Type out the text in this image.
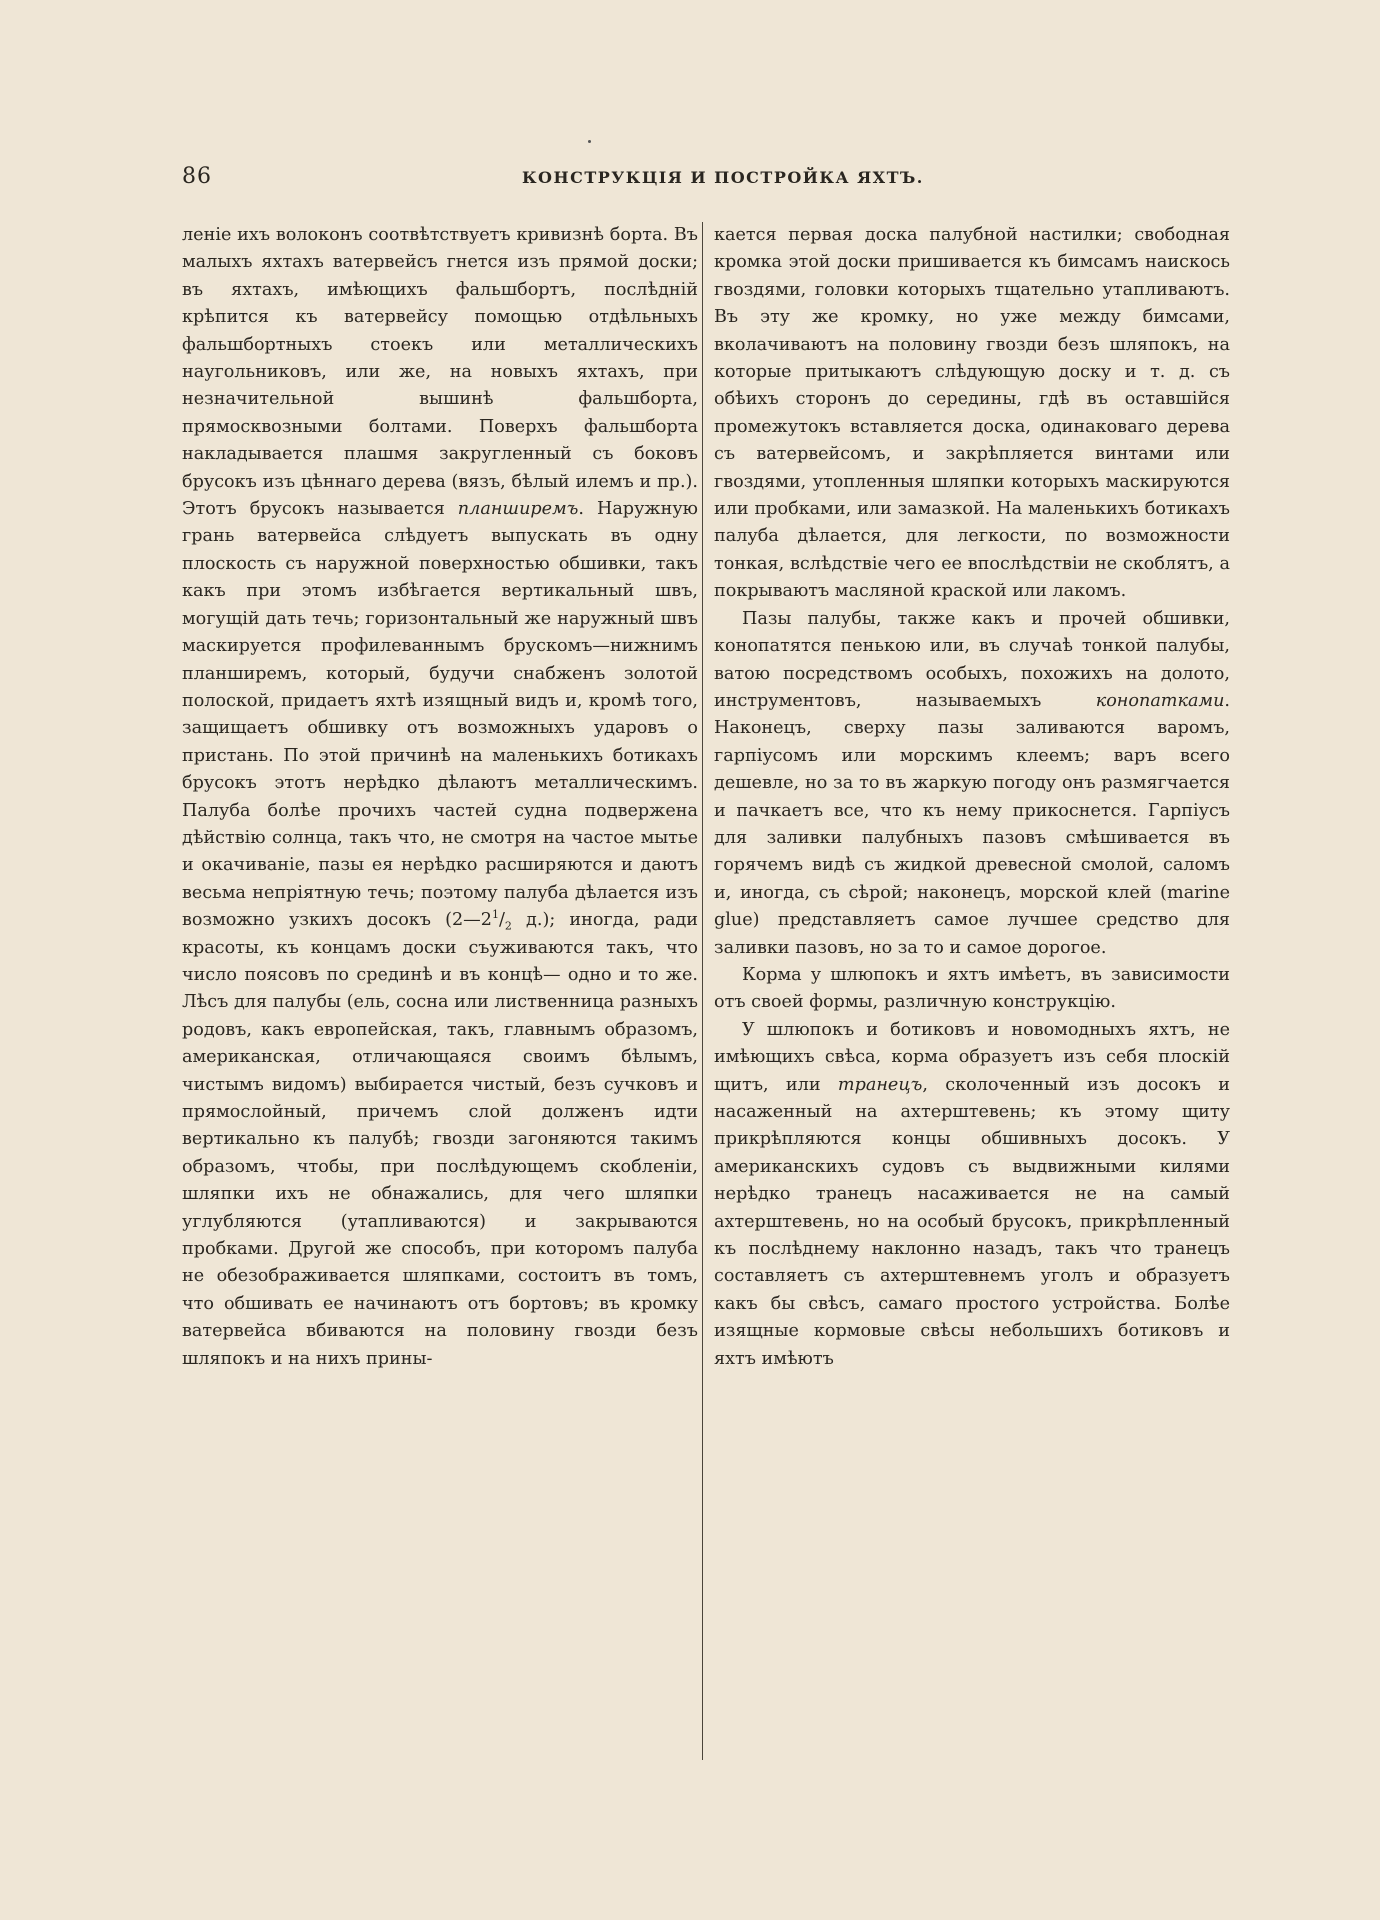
86	КОНСТРУКЦІЯ И ПОСТРОЙКА ЯХТЪ.

леніе ихъ волоконъ соотвѣтствуетъ кривизнѣ борта. Въ малыхъ яхтахъ ватервейсъ гнется изъ прямой доски; въ яхтахъ, имѣющихъ фальшбортъ, послѣдній крѣпится къ ватервейсу помощью отдѣльныхъ фальшбортныхъ стоекъ или металлическихъ наугольниковъ, или же, на новыхъ яхтахъ, при незначительной вышинѣ фальшборта, прямосквозными болтами. Поверхъ фальшборта накладывается плашмя закругленный съ боковъ брусокъ изъ цѣннаго дерева (вязъ, бѣлый илемъ и пр.). Этотъ брусокъ называется планширемъ. Наружную грань ватервейса слѣдуетъ выпускать въ одну плоскость съ наружной поверхностью обшивки, такъ какъ при этомъ избѣгается вертикальный швъ, могущій дать течь; горизонтальный же наружный швъ маскируется профилеваннымъ брускомъ—нижнимъ планширемъ, который, будучи снабженъ золотой полоской, придаетъ яхтѣ изящный видъ и, кромѣ того, защищаетъ обшивку отъ возможныхъ ударовъ о пристань. По этой причинѣ на маленькихъ ботикахъ брусокъ этотъ нерѣдко дѣлаютъ металлическимъ. Палуба болѣе прочихъ частей судна подвержена дѣйствію солнца, такъ что, не смотря на частое мытье и окачиваніе, пазы ея нерѣдко расширяются и даютъ весьма непріятную течь; поэтому палуба дѣлается изъ возможно узкихъ досокъ ($2—2^1/_2$ д.); иногда, ради красоты, къ концамъ доски съуживаются такъ, что число поясовъ по срединѣ и въ концѣ— одно и то же. Лѣсъ для палубы (ель, сосна или лиственница разныхъ родовъ, какъ европейская, такъ, главнымъ образомъ, американская, отличающаяся своимъ бѣлымъ, чистымъ видомъ) выбирается чистый, безъ сучковъ и прямослойный, причемъ слой долженъ идти вертикально къ палубѣ; гвозди загоняются такимъ образомъ, чтобы, при послѣдующемъ скобленіи, шляпки ихъ не обнажались, для чего шляпки углубляются (утапливаются) и закрываются пробками. Другой же способъ, при которомъ палуба не обезображивается шляпками, состоитъ въ томъ, что обшивать ее начинаютъ отъ бортовъ; въ кромку ватервейса вбиваются на половину гвозди безъ шляпокъ и на нихъ прины-

кается первая доска палубной настилки; свободная кромка этой доски пришивается къ бимсамъ наискось гвоздями, головки которыхъ тщательно утапливаютъ. Въ эту же кромку, но уже между бимсами, вколачиваютъ на половину гвозди безъ шляпокъ, на которые притыкаютъ слѣдующую доску и т. д. съ обѣихъ сторонъ до середины, гдѣ въ оставшійся промежутокъ вставляется доска, одинаковаго дерева съ ватервейсомъ, и закрѣпляется винтами или гвоздями, утопленныя шляпки которыхъ маскируются или пробками, или замазкой. На маленькихъ ботикахъ палуба дѣлается, для легкости, по возможности тонкая, вслѣдствіе чего ее впослѣдствіи не скоблятъ, а покрываютъ масляной краской или лакомъ.

Пазы палубы, также какъ и прочей обшивки, конопатятся пенькою или, въ случаѣ тонкой палубы, ватою посредствомъ особыхъ, похожихъ на долото, инструментовъ, называемыхъ конопатками. Наконецъ, сверху пазы заливаются варомъ, гарпіусомъ или морскимъ клеемъ; варъ всего дешевле, но за то въ жаркую погоду онъ размягчается и пачкаетъ все, что къ нему прикоснется. Гарпіусъ для заливки палубныхъ пазовъ смѣшивается въ горячемъ видѣ съ жидкой древесной смолой, саломъ и, иногда, съ сѣрой; наконецъ, морской клей (marine glue) представляетъ самое лучшее средство для заливки пазовъ, но за то и самое дорогое.

Корма у шлюпокъ и яхтъ имѣетъ, въ зависимости отъ своей формы, различную конструкцію.

У шлюпокъ и ботиковъ и новомодныхъ яхтъ, не имѣющихъ свѣса, корма образуетъ изъ себя плоскій щитъ, или транецъ, сколоченный изъ досокъ и насаженный на ахтерштевень; къ этому щиту прикрѣпляются концы обшивныхъ досокъ. У американскихъ судовъ съ выдвижными килями нерѣдко транецъ насаживается не на самый ахтерштевень, но на особый брусокъ, прикрѣпленный къ послѣднему наклонно назадъ, такъ что транецъ составляетъ съ ахтерштевнемъ уголъ и образуетъ какъ бы свѣсъ, самаго простого устройства. Болѣе изящные кормовые свѣсы небольшихъ ботиковъ и яхтъ имѣютъ
